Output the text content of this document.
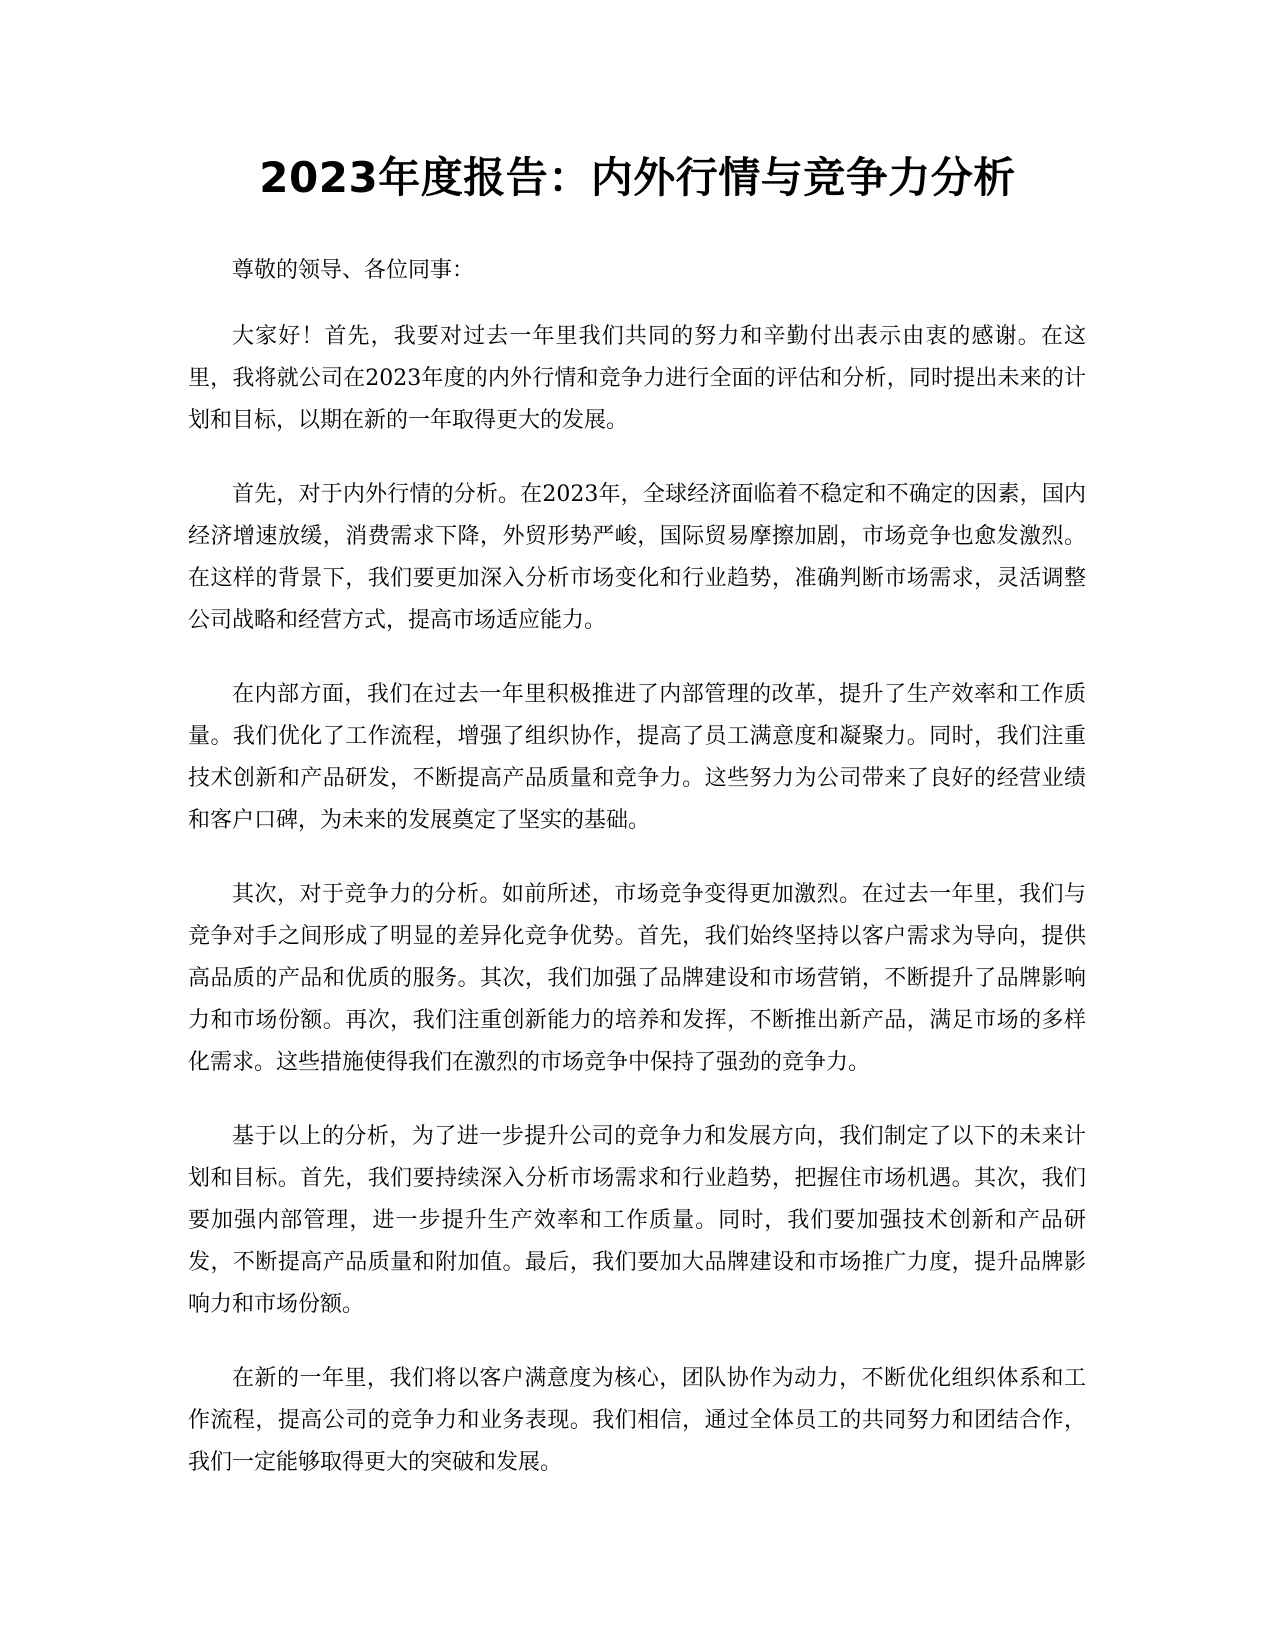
2023年度报告：内外行情与竞争力分析

尊敬的领导、各位同事：

大家好！首先，我要对过去一年里我们共同的努力和辛勤付出表示由衷的感谢。在这里，我将就公司在2023年度的内外行情和竞争力进行全面的评估和分析，同时提出未来的计划和目标，以期在新的一年取得更大的发展。

首先，对于内外行情的分析。在2023年，全球经济面临着不稳定和不确定的因素，国内经济增速放缓，消费需求下降，外贸形势严峻，国际贸易摩擦加剧，市场竞争也愈发激烈。在这样的背景下，我们要更加深入分析市场变化和行业趋势，准确判断市场需求，灵活调整公司战略和经营方式，提高市场适应能力。

在内部方面，我们在过去一年里积极推进了内部管理的改革，提升了生产效率和工作质量。我们优化了工作流程，增强了组织协作，提高了员工满意度和凝聚力。同时，我们注重技术创新和产品研发，不断提高产品质量和竞争力。这些努力为公司带来了良好的经营业绩和客户口碑，为未来的发展奠定了坚实的基础。

其次，对于竞争力的分析。如前所述，市场竞争变得更加激烈。在过去一年里，我们与竞争对手之间形成了明显的差异化竞争优势。首先，我们始终坚持以客户需求为导向，提供高品质的产品和优质的服务。其次，我们加强了品牌建设和市场营销，不断提升了品牌影响力和市场份额。再次，我们注重创新能力的培养和发挥，不断推出新产品，满足市场的多样化需求。这些措施使得我们在激烈的市场竞争中保持了强劲的竞争力。

基于以上的分析，为了进一步提升公司的竞争力和发展方向，我们制定了以下的未来计划和目标。首先，我们要持续深入分析市场需求和行业趋势，把握住市场机遇。其次，我们要加强内部管理，进一步提升生产效率和工作质量。同时，我们要加强技术创新和产品研发，不断提高产品质量和附加值。最后，我们要加大品牌建设和市场推广力度，提升品牌影响力和市场份额。

在新的一年里，我们将以客户满意度为核心，团队协作为动力，不断优化组织体系和工作流程，提高公司的竞争力和业务表现。我们相信，通过全体员工的共同努力和团结合作，我们一定能够取得更大的突破和发展。
